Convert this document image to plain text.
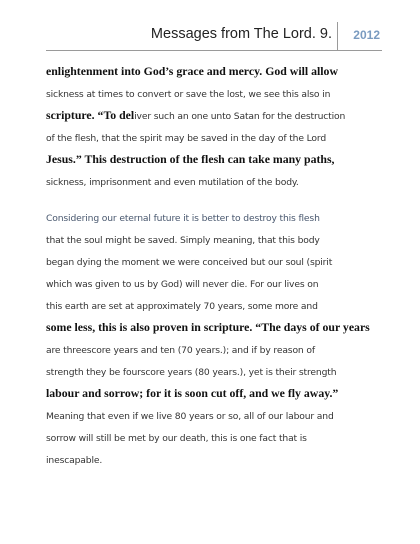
Messages from The Lord. 9. 2012
enlightenment into God’s grace and mercy. God will allow
sickness at times to convert or save the lost, we see this also in
scripture. “To deliver such an one unto Satan for the destruction
of the flesh, that the spirit may be saved in the day of the Lord
Jesus.” This destruction of the flesh can take many paths,
sickness, imprisonment and even mutilation of the body.
Considering our eternal future it is better to destroy this flesh
that the soul might be saved. Simply meaning, that this body
began dying the moment we were conceived but our soul (spirit
which was given to us by God) will never die. For our lives on
this earth are set at approximately 70 years, some more and
some less, this is also proven in scripture. “The days of our years
are threescore years and ten (70 years.); and if by reason of
strength they be fourscore years (80 years.), yet is their strength
labour and sorrow; for it is soon cut off, and we fly away.”
Meaning that even if we live 80 years or so, all of our labour and
sorrow will still be met by our death, this is one fact that is
inescapable.
